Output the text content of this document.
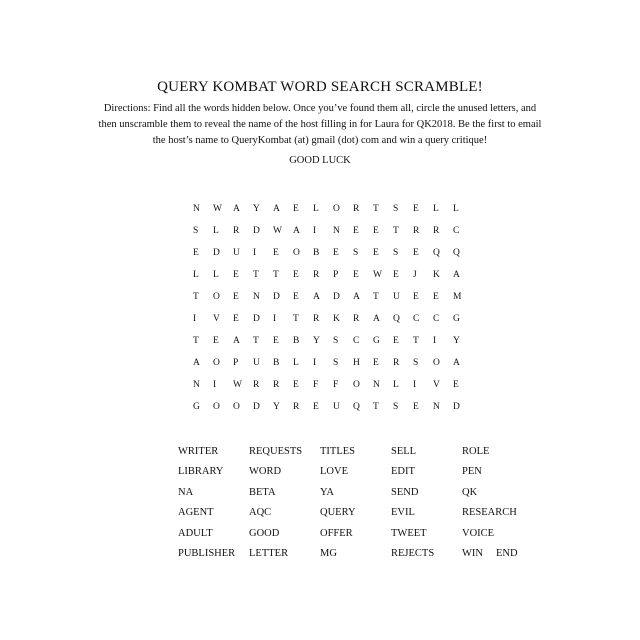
QUERY KOMBAT WORD SEARCH SCRAMBLE!
Directions: Find all the words hidden below. Once you’ve found them all, circle the unused letters, and then unscramble them to reveal the name of the host filling in for Laura for QK2018. Be the first to email the host’s name to QueryKombat (at) gmail (dot) com and win a query critique!
GOOD LUCK
N	W	A	Y	A	E	L	O	R	T	S	E	L	L
S	L	R	D	W	A	I	N	E	E	T	R	R	C
E	D	U	I	E	O	B	E	S	E	S	E	Q	Q
L	L	E	T	T	E	R	P	E	W	E	J	K	A
T	O	E	N	D	E	A	D	A	T	U	E	E	M
I	V	E	D	I	T	R	K	R	A	Q	C	C	G
T	E	A	T	E	B	Y	S	C	G	E	T	I	Y
A	O	P	U	B	L	I	S	H	E	R	S	O	A
N	I	W	R	R	E	F	F	O	N	L	I	V	E
G	O	O	D	Y	R	E	U	Q	T	S	E	N	D
WRITER	REQUESTS	TITLES	SELL	ROLE
LIBRARY	WORD	LOVE	EDIT	PEN
NA	BETA	YA	SEND	QK
AGENT	AQC	QUERY	EVIL	RESEARCH
ADULT	GOOD	OFFER	TWEET	VOICE
PUBLISHER	LETTER	MG	REJECTS	WIN	END
